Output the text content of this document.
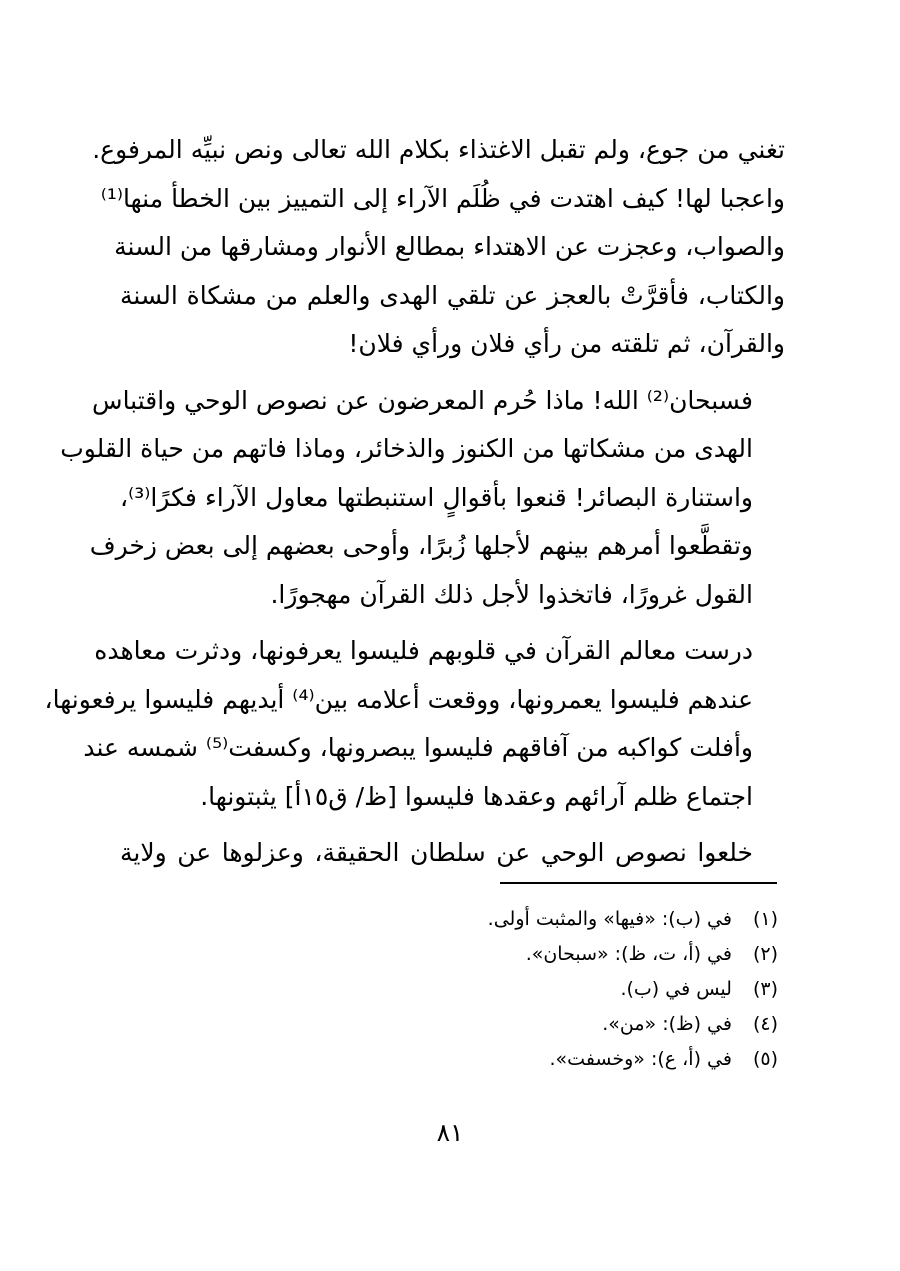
تغني من جوع، ولم تقبل الاغتذاء بكلام الله تعالى ونص نبيِّه المرفوع.
واعجبا لها! كيف اهتدت في ظُلَم الآراء إلى التمييز بين الخطأ منها⁽¹⁾
والصواب، وعجزت عن الاهتداء بمطالع الأنوار ومشارقها من السنة
والكتاب، فأقرَّتْ بالعجز عن تلقي الهدى والعلم من مشكاة السنة
والقرآن، ثم تلقته من رأي فلان ورأي فلان!

فسبحان⁽²⁾ الله! ماذا حُرم المعرضون عن نصوص الوحي واقتباس
الهدى من مشكاتها من الكنوز والذخائر، وماذا فاتهم من حياة القلوب
واستنارة البصائر! قنعوا بأقوالٍ استنبطتها معاول الآراء فكرًا⁽³⁾،
وتقطَّعوا أمرهم بينهم لأجلها زُبرًا، وأوحى بعضهم إلى بعض زخرف
القول غرورًا، فاتخذوا لأجل ذلك القرآن مهجورًا.

درست معالم القرآن في قلوبهم فليسوا يعرفونها، ودثرت معاهده
عندهم فليسوا يعمرونها، ووقعت أعلامه بين⁽⁴⁾ أيديهم فليسوا يرفعونها،
وأفلت كواكبه من آفاقهم فليسوا يبصرونها، وكسفت⁽⁵⁾ شمسه عند
اجتماع ظلم آرائهم وعقدها فليسوا [ظ/ ق١٥أ] يثبتونها.

خلعوا نصوص الوحي عن سلطان الحقيقة، وعزلوها عن ولاية

(١) في (ب): «فيها» والمثبت أولى.
(٢) في (أ، ت، ظ): «سبحان».
(٣) ليس في (ب).
(٤) في (ظ): «من».
(٥) في (أ، ع): «وخسفت».
٨١
